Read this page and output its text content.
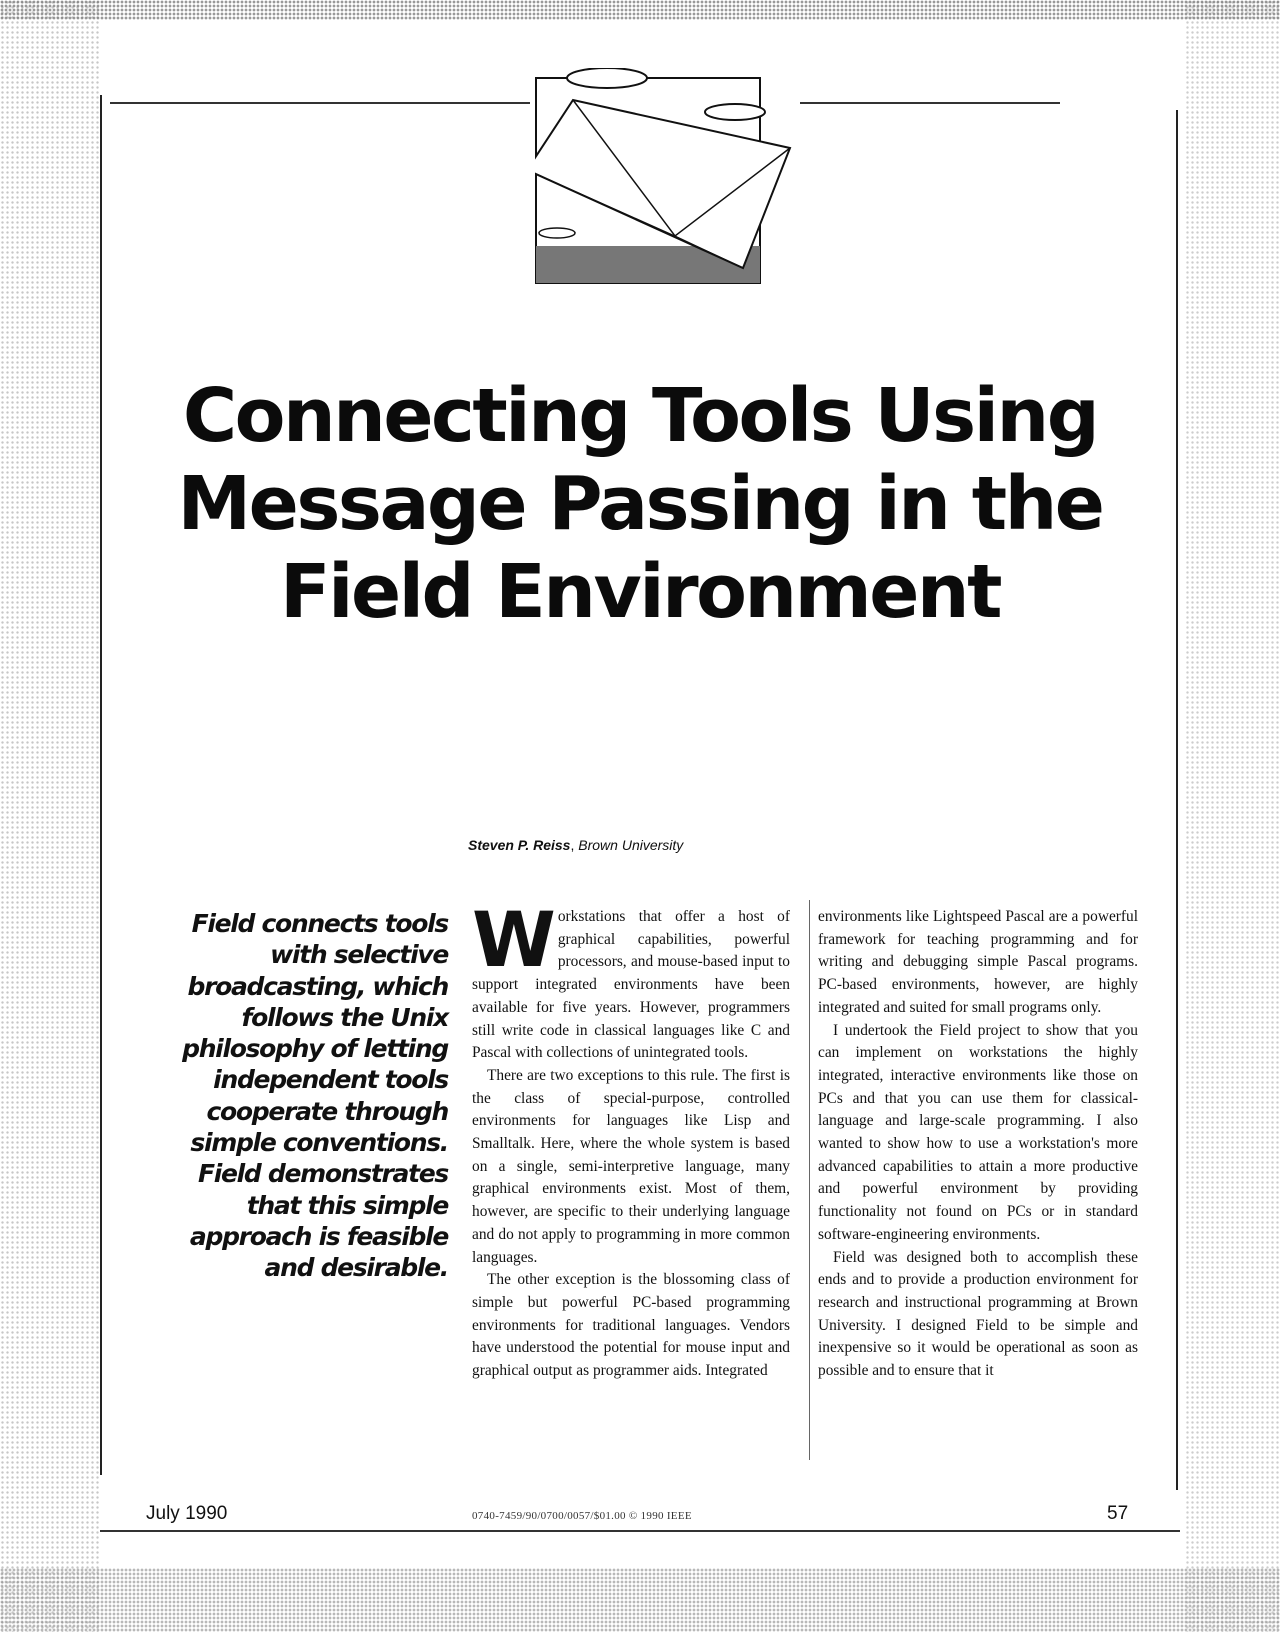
Connecting Tools Using
Message Passing in the
Field Environment
Steven P. Reiss, Brown University

Field connects tools with selective broadcasting, which follows the Unix philosophy of letting independent tools cooperate through simple conventions. Field demonstrates that this simple approach is feasible and desirable.

Workstations that offer a host of graphical capabilities, powerful processors, and mouse-based input to support integrated environments have been available for five years. However, programmers still write code in classical languages like C and Pascal with collections of unintegrated tools.

There are two exceptions to this rule. The first is the class of special-purpose, controlled environments for languages like Lisp and Smalltalk. Here, where the whole system is based on a single, semi-interpretive language, many graphical environments exist. Most of them, however, are specific to their underlying language and do not apply to programming in more common languages.

The other exception is the blossoming class of simple but powerful PC-based programming environments for traditional languages. Vendors have understood the potential for mouse input and graphical output as programmer aids. Integrated

environments like Lightspeed Pascal are a powerful framework for teaching programming and for writing and debugging simple Pascal programs. PC-based environments, however, are highly integrated and suited for small programs only.

I undertook the Field project to show that you can implement on workstations the highly integrated, interactive environments like those on PCs and that you can use them for classical-language and large-scale programming. I also wanted to show how to use a workstation's more advanced capabilities to attain a more productive and powerful environment by providing functionality not found on PCs or in standard software-engineering environments.

Field was designed both to accomplish these ends and to provide a production environment for research and instructional programming at Brown University. I designed Field to be simple and inexpensive so it would be operational as soon as possible and to ensure that it

July 1990	0740-7459/90/0700/0057/$01.00 © 1990 IEEE	57
